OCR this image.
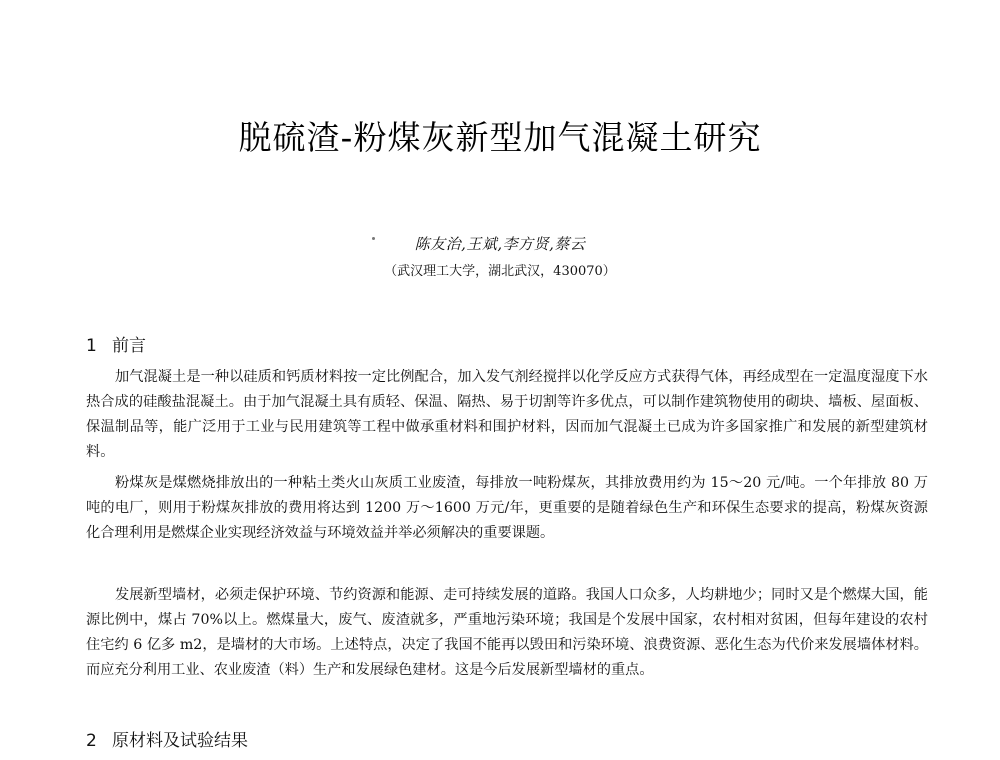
脱硫渣-粉煤灰新型加气混凝土研究

陈友治,王斌,李方贤,蔡云

（武汉理工大学，湖北武汉，430070）

1 前言

加气混凝土是一种以硅质和钙质材料按一定比例配合，加入发气剂经搅拌以化学反应方式获得气体，再经成型在一定温度湿度下水热合成的硅酸盐混凝土。由于加气混凝土具有质轻、保温、隔热、易于切割等许多优点，可以制作建筑物使用的砌块、墙板、屋面板、保温制品等，能广泛用于工业与民用建筑等工程中做承重材料和围护材料，因而加气混凝土已成为许多国家推广和发展的新型建筑材料。

粉煤灰是煤燃烧排放出的一种粘土类火山灰质工业废渣，每排放一吨粉煤灰，其排放费用约为 15～20 元/吨。一个年排放 80 万吨的电厂，则用于粉煤灰排放的费用将达到 1200 万～1600 万元/年，更重要的是随着绿色生产和环保生态要求的提高，粉煤灰资源化合理利用是燃煤企业实现经济效益与环境效益并举必须解决的重要课题。

发展新型墙材，必须走保护环境、节约资源和能源、走可持续发展的道路。我国人口众多，人均耕地少；同时又是个燃煤大国，能源比例中，煤占 70%以上。燃煤量大，废气、废渣就多，严重地污染环境；我国是个发展中国家，农村相对贫困，但每年建设的农村住宅约 6 亿多 m2，是墙材的大市场。上述特点，决定了我国不能再以毁田和污染环境、浪费资源、恶化生态为代价来发展墙体材料。而应充分利用工业、农业废渣（料）生产和发展绿色建材。这是今后发展新型墙材的重点。

2 原材料及试验结果
